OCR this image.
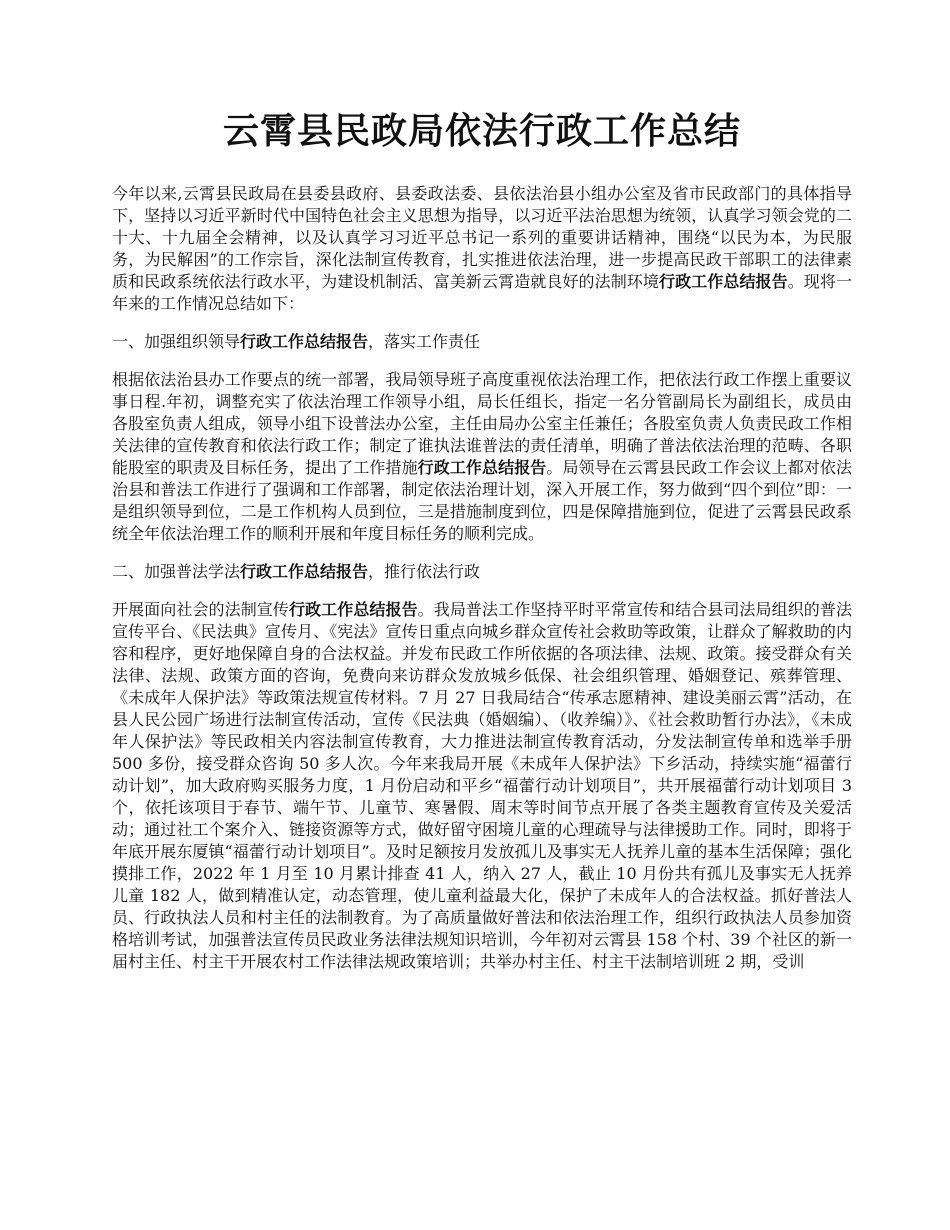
云霄县民政局依法行政工作总结

今年以来,云霄县民政局在县委县政府、县委政法委、县依法治县小组办公室及省市民政部门的具体指导下，坚持以习近平新时代中国特色社会主义思想为指导，以习近平法治思想为统领，认真学习领会党的二十大、十九届全会精神，以及认真学习习近平总书记一系列的重要讲话精神，围绕“以民为本，为民服务，为民解困”的工作宗旨，深化法制宣传教育，扎实推进依法治理，进一步提高民政干部职工的法律素质和民政系统依法行政水平，为建设机制活、富美新云霄造就良好的法制环境行政工作总结报告。现将一年来的工作情况总结如下：

一、加强组织领导行政工作总结报告，落实工作责任

根据依法治县办工作要点的统一部署，我局领导班子高度重视依法治理工作，把依法行政工作摆上重要议事日程.年初，调整充实了依法治理工作领导小组，局长任组长，指定一名分管副局长为副组长，成员由各股室负责人组成，领导小组下设普法办公室，主任由局办公室主任兼任；各股室负责人负责民政工作相关法律的宣传教育和依法行政工作；制定了谁执法谁普法的责任清单，明确了普法依法治理的范畴、各职能股室的职责及目标任务，提出了工作措施行政工作总结报告。局领导在云霄县民政工作会议上都对依法治县和普法工作进行了强调和工作部署，制定依法治理计划，深入开展工作，努力做到“四个到位”即：一是组织领导到位，二是工作机构人员到位，三是措施制度到位，四是保障措施到位，促进了云霄县民政系统全年依法治理工作的顺利开展和年度目标任务的顺利完成。

二、加强普法学法行政工作总结报告，推行依法行政

开展面向社会的法制宣传行政工作总结报告。我局普法工作坚持平时平常宣传和结合县司法局组织的普法宣传平台、《民法典》宣传月、《宪法》宣传日重点向城乡群众宣传社会救助等政策，让群众了解救助的内容和程序，更好地保障自身的合法权益。并发布民政工作所依据的各项法律、法规、政策。接受群众有关法律、法规、政策方面的咨询，免费向来访群众发放城乡低保、社会组织管理、婚姻登记、殡葬管理、《未成年人保护法》等政策法规宣传材料。7 月 27 日我局结合“传承志愿精神、建设美丽云霄”活动，在县人民公园广场进行法制宣传活动，宣传《民法典（婚姻编）、（收养编）》、《社会救助暂行办法》，《未成年人保护法》等民政相关内容法制宣传教育，大力推进法制宣传教育活动，分发法制宣传单和选举手册 500 多份，接受群众咨询 50 多人次。今年来我局开展《未成年人保护法》下乡活动，持续实施“福蕾行动计划”，加大政府购买服务力度，1 月份启动和平乡“福蕾行动计划项目”，共开展福蕾行动计划项目 3 个，依托该项目于春节、端午节、儿童节、寒暑假、周末等时间节点开展了各类主题教育宣传及关爱活动；通过社工个案介入、链接资源等方式，做好留守困境儿童的心理疏导与法律援助工作。同时，即将于年底开展东厦镇“福蕾行动计划项目”。及时足额按月发放孤儿及事实无人抚养儿童的基本生活保障；强化摸排工作，2022 年 1 月至 10 月累计排查 41 人，纳入 27 人，截止 10 月份共有孤儿及事实无人抚养儿童 182 人，做到精准认定，动态管理，使儿童利益最大化，保护了未成年人的合法权益。抓好普法人员、行政执法人员和村主任的法制教育。为了高质量做好普法和依法治理工作，组织行政执法人员参加资格培训考试，加强普法宣传员民政业务法律法规知识培训，今年初对云霄县 158 个村、39 个社区的新一届村主任、村主干开展农村工作法律法规政策培训；共举办村主任、村主干法制培训班 2 期，受训
